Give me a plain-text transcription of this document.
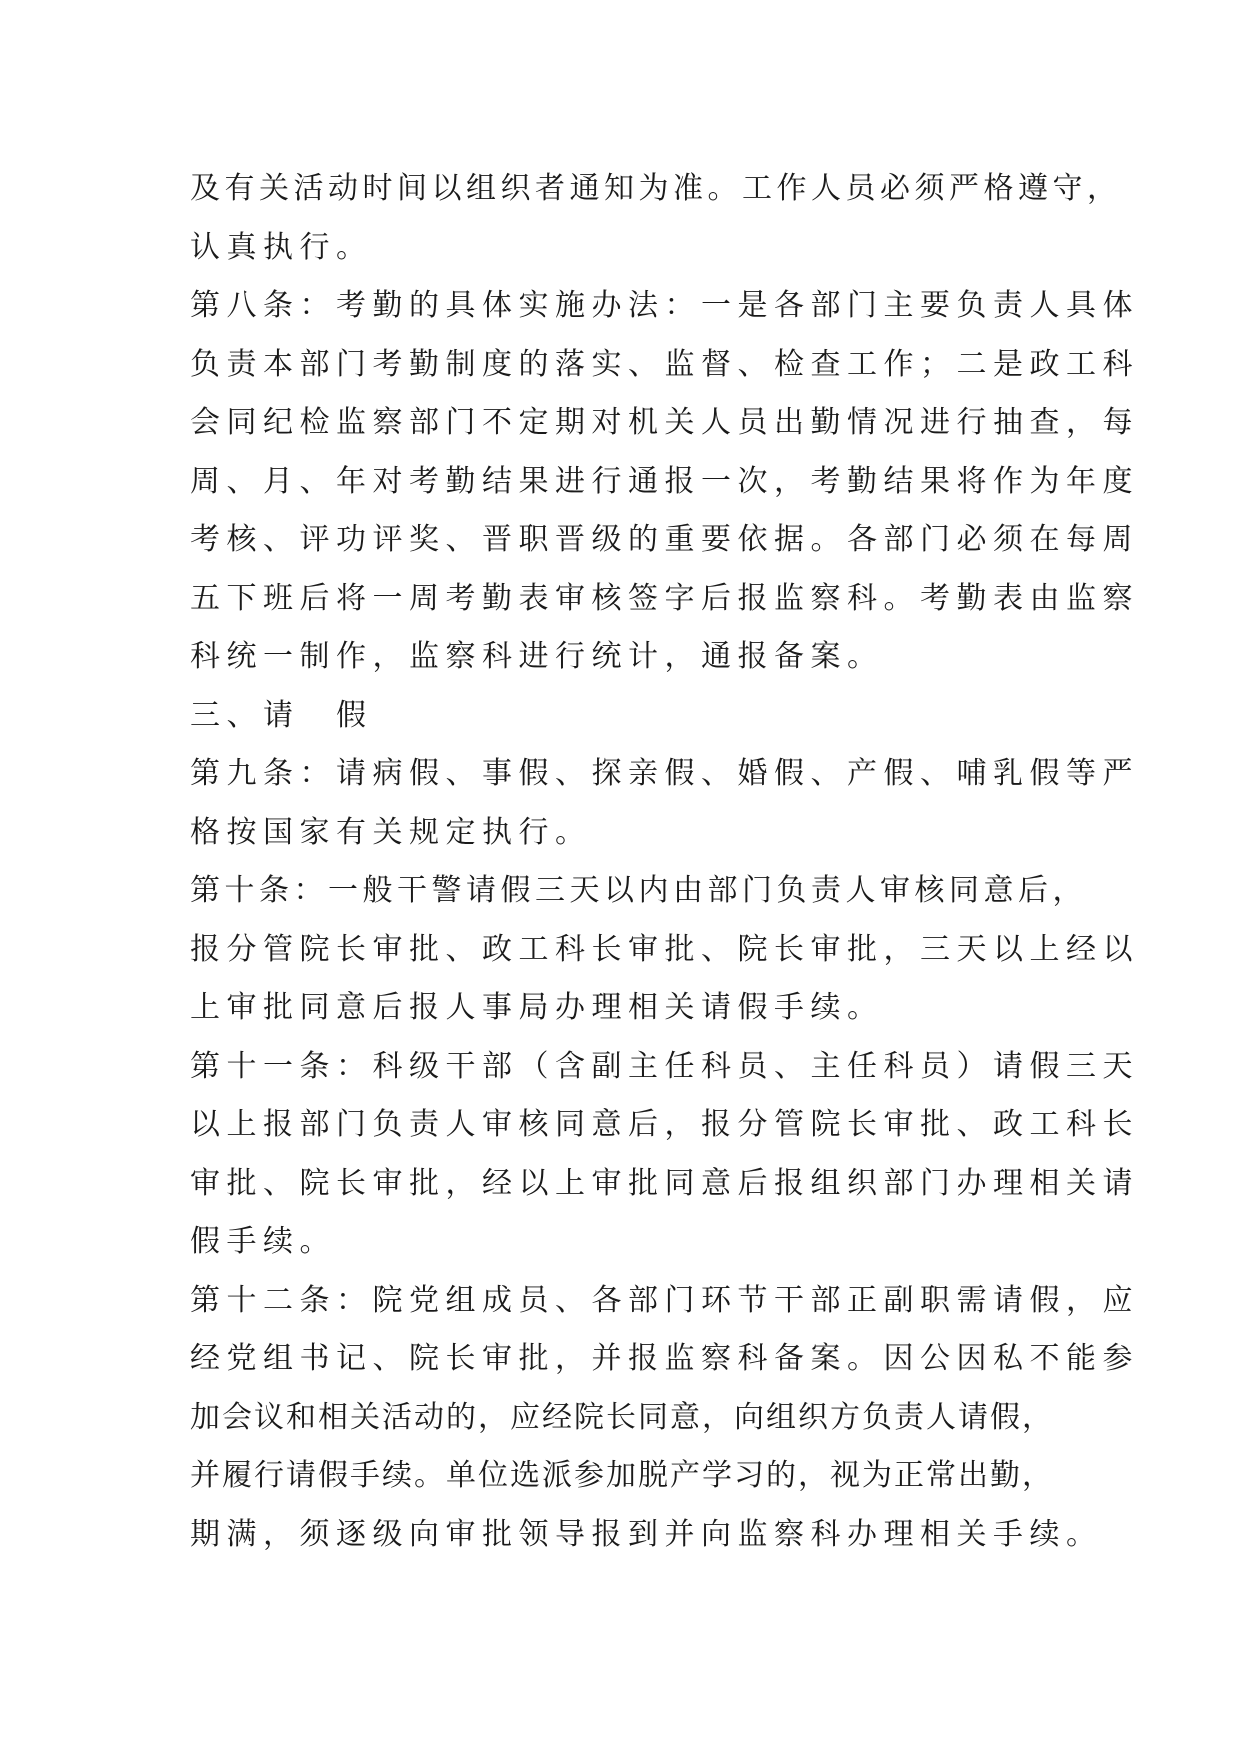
及有关活动时间以组织者通知为准。工作人员必须严格遵守，
认真执行。
第八条：考勤的具体实施办法：一是各部门主要负责人具体
负责本部门考勤制度的落实、监督、检查工作；二是政工科
会同纪检监察部门不定期对机关人员出勤情况进行抽查，每
周、月、年对考勤结果进行通报一次，考勤结果将作为年度
考核、评功评奖、晋职晋级的重要依据。各部门必须在每周
五下班后将一周考勤表审核签字后报监察科。考勤表由监察
科统一制作，监察科进行统计，通报备案。
三、请　假
第九条：请病假、事假、探亲假、婚假、产假、哺乳假等严
格按国家有关规定执行。
第十条：一般干警请假三天以内由部门负责人审核同意后，
报分管院长审批、政工科长审批、院长审批，三天以上经以
上审批同意后报人事局办理相关请假手续。
第十一条：科级干部（含副主任科员、主任科员）请假三天
以上报部门负责人审核同意后，报分管院长审批、政工科长
审批、院长审批，经以上审批同意后报组织部门办理相关请
假手续。
第十二条：院党组成员、各部门环节干部正副职需请假，应
经党组书记、院长审批，并报监察科备案。因公因私不能参
加会议和相关活动的，应经院长同意，向组织方负责人请假，
并履行请假手续。单位选派参加脱产学习的，视为正常出勤，
期满，须逐级向审批领导报到并向监察科办理相关手续。
